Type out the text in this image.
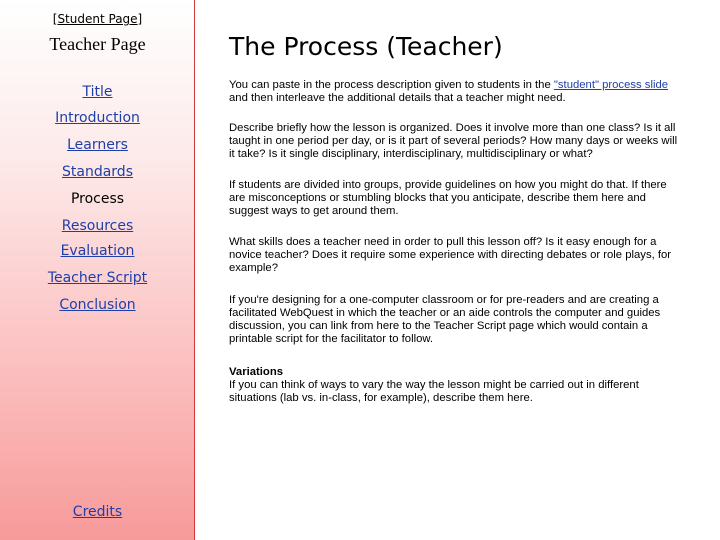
[Student Page]
Teacher Page
Title
Introduction
Learners
Standards
Process
Resources
Evaluation
Teacher Script
Conclusion
Credits
The Process (Teacher)

You can paste in the process description given to students in the "student" process slide and then interleave the additional details that a teacher might need.

Describe briefly how the lesson is organized. Does it involve more than one class? Is it all taught in one period per day, or is it part of several periods? How many days or weeks will it take? Is it single disciplinary, interdisciplinary, multidisciplinary or what?

If students are divided into groups, provide guidelines on how you might do that. If there are misconceptions or stumbling blocks that you anticipate, describe them here and suggest ways to get around them.

What skills does a teacher need in order to pull this lesson off? Is it easy enough for a novice teacher? Does it require some experience with directing debates or role plays, for example?

If you're designing for a one-computer classroom or for pre-readers and are creating a facilitated WebQuest in which the teacher or an aide controls the computer and guides discussion, you can link from here to the Teacher Script page which would contain a printable script for the facilitator to follow.

Variations
If you can think of ways to vary the way the lesson might be carried out in different situations (lab vs. in-class, for example), describe them here.
